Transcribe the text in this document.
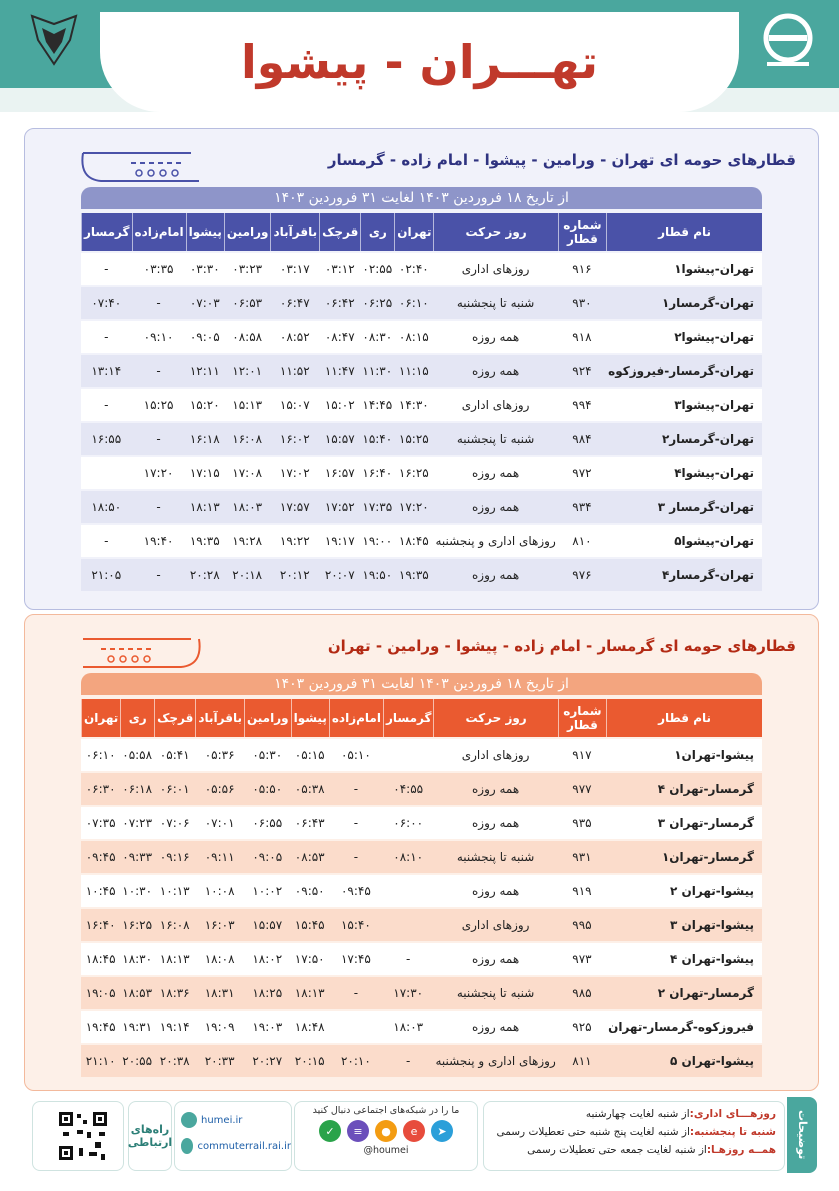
تهـــران - پیشوا
قطارهای حومه ای تهران - ورامین - پیشوا - امام زاده - گرمسار
از تاریخ ۱۸ فروردین ۱۴۰۳ لغایت ۳۱ فروردین ۱۴۰۳
نام قطار	شماره قطار	روز حرکت	تهران	ری	قرچک	باقرآباد	ورامین	پیشوا	امام‌زاده	گرمسار
تهران-پیشوا۱	۹۱۶	روزهای اداری	۰۲:۴۰	۰۲:۵۵	۰۳:۱۲	۰۳:۱۷	۰۳:۲۳	۰۳:۳۰	۰۳:۳۵	-
تهران-گرمسار۱	۹۳۰	شنبه تا پنجشنبه	۰۶:۱۰	۰۶:۲۵	۰۶:۴۲	۰۶:۴۷	۰۶:۵۳	۰۷:۰۳	-	۰۷:۴۰
تهران-پیشوا۲	۹۱۸	همه روزه	۰۸:۱۵	۰۸:۳۰	۰۸:۴۷	۰۸:۵۲	۰۸:۵۸	۰۹:۰۵	۰۹:۱۰	-
تهران-گرمسار-فیروزکوه	۹۲۴	همه روزه	۱۱:۱۵	۱۱:۳۰	۱۱:۴۷	۱۱:۵۲	۱۲:۰۱	۱۲:۱۱	-	۱۳:۱۴
تهران-پیشوا۳	۹۹۴	روزهای اداری	۱۴:۳۰	۱۴:۴۵	۱۵:۰۲	۱۵:۰۷	۱۵:۱۳	۱۵:۲۰	۱۵:۲۵	-
تهران-گرمسار۲	۹۸۴	شنبه تا پنجشنبه	۱۵:۲۵	۱۵:۴۰	۱۵:۵۷	۱۶:۰۲	۱۶:۰۸	۱۶:۱۸	-	۱۶:۵۵
تهران-پیشوا۴	۹۷۲	همه روزه	۱۶:۲۵	۱۶:۴۰	۱۶:۵۷	۱۷:۰۲	۱۷:۰۸	۱۷:۱۵	۱۷:۲۰	
تهران-گرمسار ۳	۹۳۴	همه روزه	۱۷:۲۰	۱۷:۳۵	۱۷:۵۲	۱۷:۵۷	۱۸:۰۳	۱۸:۱۳	-	۱۸:۵۰
تهران-پیشوا۵	۸۱۰	روزهای اداری و پنجشنبه	۱۸:۴۵	۱۹:۰۰	۱۹:۱۷	۱۹:۲۲	۱۹:۲۸	۱۹:۳۵	۱۹:۴۰	-
تهران-گرمسار۴	۹۷۶	همه روزه	۱۹:۳۵	۱۹:۵۰	۲۰:۰۷	۲۰:۱۲	۲۰:۱۸	۲۰:۲۸	-	۲۱:۰۵
قطارهای حومه ای گرمسار - امام زاده - پیشوا - ورامین - تهران
از تاریخ ۱۸ فروردین ۱۴۰۳ لغایت ۳۱ فروردین ۱۴۰۳
نام قطار	شماره قطار	روز حرکت	گرمسار	امام‌زاده	پیشوا	ورامین	باقرآباد	قرچک	ری	تهران
پیشوا-تهران۱	۹۱۷	روزهای اداری		۰۵:۱۰	۰۵:۱۵	۰۵:۳۰	۰۵:۳۶	۰۵:۴۱	۰۵:۵۸	۰۶:۱۰
گرمسار-تهران ۴	۹۷۷	همه روزه	۰۴:۵۵	-	۰۵:۳۸	۰۵:۵۰	۰۵:۵۶	۰۶:۰۱	۰۶:۱۸	۰۶:۳۰
گرمسار-تهران ۳	۹۳۵	همه روزه	۰۶:۰۰	-	۰۶:۴۳	۰۶:۵۵	۰۷:۰۱	۰۷:۰۶	۰۷:۲۳	۰۷:۳۵
گرمسار-تهران۱	۹۳۱	شنبه تا پنجشنبه	۰۸:۱۰	-	۰۸:۵۳	۰۹:۰۵	۰۹:۱۱	۰۹:۱۶	۰۹:۳۳	۰۹:۴۵
پیشوا-تهران ۲	۹۱۹	همه روزه		۰۹:۴۵	۰۹:۵۰	۱۰:۰۲	۱۰:۰۸	۱۰:۱۳	۱۰:۳۰	۱۰:۴۵
پیشوا-تهران ۳	۹۹۵	روزهای اداری		۱۵:۴۰	۱۵:۴۵	۱۵:۵۷	۱۶:۰۳	۱۶:۰۸	۱۶:۲۵	۱۶:۴۰
پیشوا-تهران ۴	۹۷۳	همه روزه	-	۱۷:۴۵	۱۷:۵۰	۱۸:۰۲	۱۸:۰۸	۱۸:۱۳	۱۸:۳۰	۱۸:۴۵
گرمسار-تهران ۲	۹۸۵	شنبه تا پنجشنبه	۱۷:۳۰	-	۱۸:۱۳	۱۸:۲۵	۱۸:۳۱	۱۸:۳۶	۱۸:۵۳	۱۹:۰۵
فیروزکوه-گرمسار-تهران	۹۲۵	همه روزه	۱۸:۰۳		۱۸:۴۸	۱۹:۰۳	۱۹:۰۹	۱۹:۱۴	۱۹:۳۱	۱۹:۴۵
پیشوا-تهران ۵	۸۱۱	روزهای اداری و پنجشنبه	-	۲۰:۱۰	۲۰:۱۵	۲۰:۲۷	۲۰:۳۳	۲۰:۳۸	۲۰:۵۵	۲۱:۱۰
توضیحات
روزهـــای اداری:از شنبه لغایت چهارشنبه
شنبه تا پنجشنبه:از شنبه لغایت پنج شنبه حتی تعطیلات رسمی
همــه روزهـا:از شنبه لغایت جمعه حتی تعطیلات رسمی
ما را در شبکه‌های اجتماعی دنبال کنید
✓	≡	●	e	➤
@houmei
humei.ir
commuterrail.rai.ir
راه‌های ارتباطی
